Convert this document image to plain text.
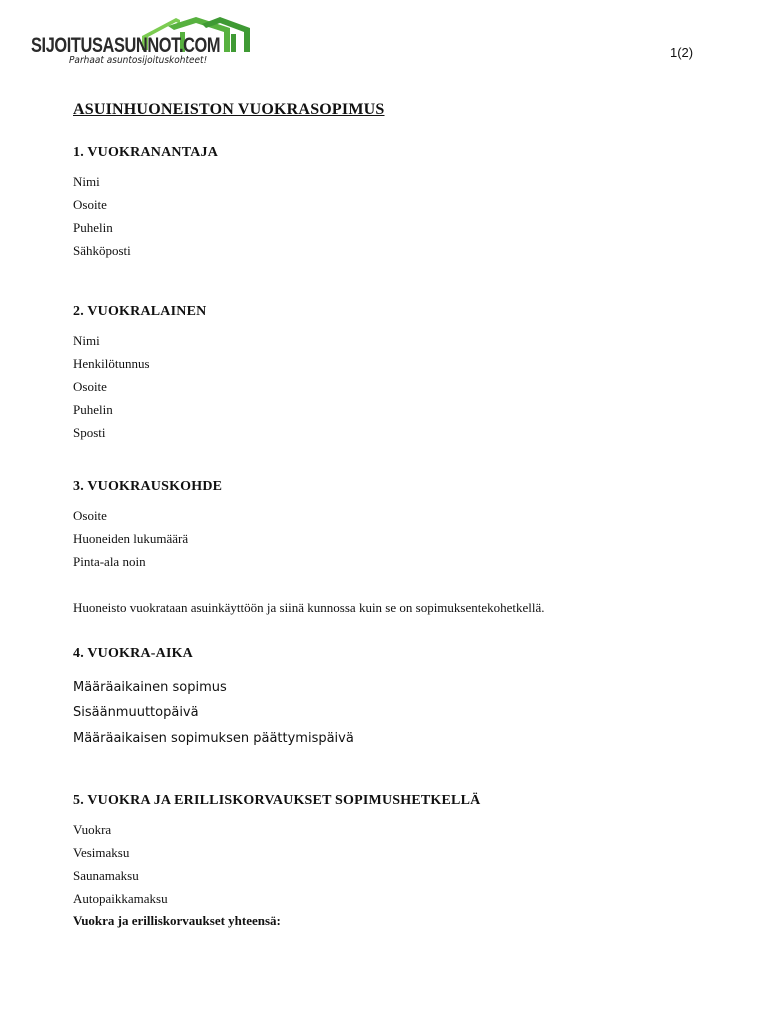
SIJOITUSASUNNOT.COM
Parhaat asuntosijoituskohteet!
1(2)
ASUINHUONEISTON VUOKRASOPIMUS
1. VUOKRANANTAJA
Nimi
Osoite
Puhelin
Sähköposti
2. VUOKRALAINEN
Nimi
Henkilötunnus
Osoite
Puhelin
Sposti
3. VUOKRAUSKOHDE
Osoite
Huoneiden lukumäärä
Pinta-ala noin
Huoneisto vuokrataan asuinkäyttöön ja siinä kunnossa kuin se on sopimuksentekohetkellä.
4. VUOKRA-AIKA
Määräaikainen sopimus
Sisäänmuuttopäivä
Määräaikaisen sopimuksen päättymispäivä
5. VUOKRA JA ERILLISKORVAUKSET SOPIMUSHETKELLÄ
Vuokra
Vesimaksu
Saunamaksu
Autopaikkamaksu
Vuokra ja erilliskorvaukset yhteensä:
